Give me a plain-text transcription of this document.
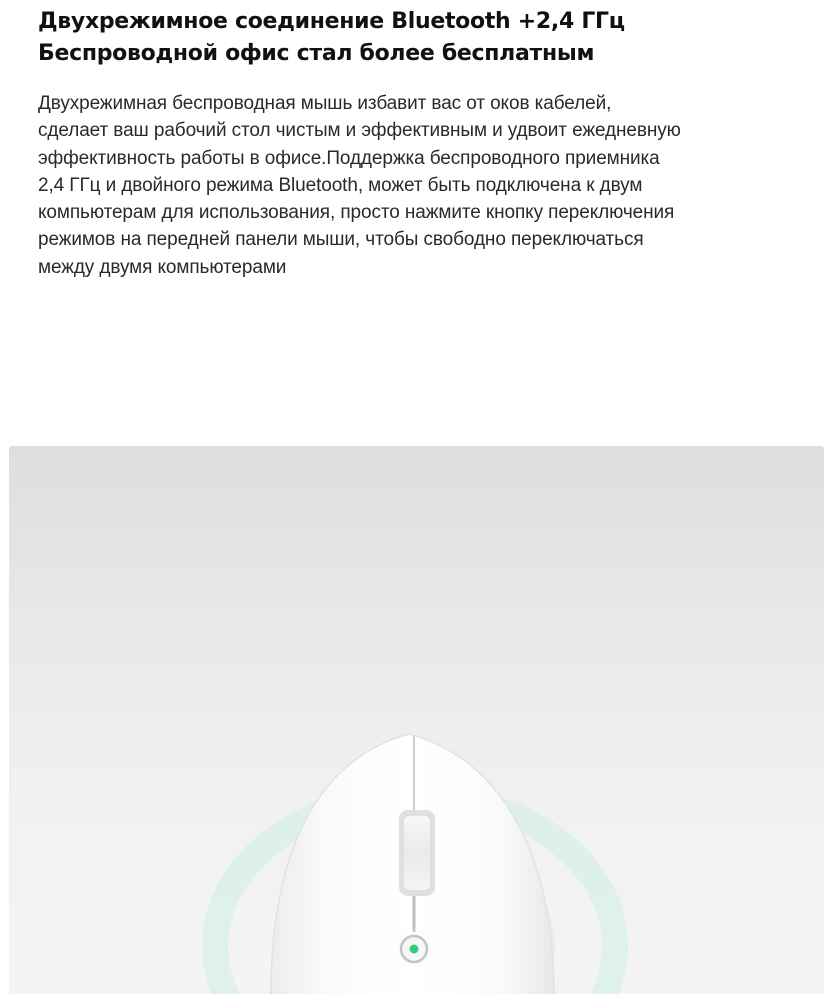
Двухрежимное соединение Bluetooth +2,4 ГГц
Беспроводной офис стал более бесплатным

Двухрежимная беспроводная мышь избавит вас от оков кабелей,
сделает ваш рабочий стол чистым и эффективным и удвоит ежедневную
эффективность работы в офисе.Поддержка беспроводного приемника
2,4 ГГц и двойного режима Bluetooth, может быть подключена к двум
компьютерам для использования, просто нажмите кнопку переключения
режимов на передней панели мыши, чтобы свободно переключаться
между двумя компьютерами
